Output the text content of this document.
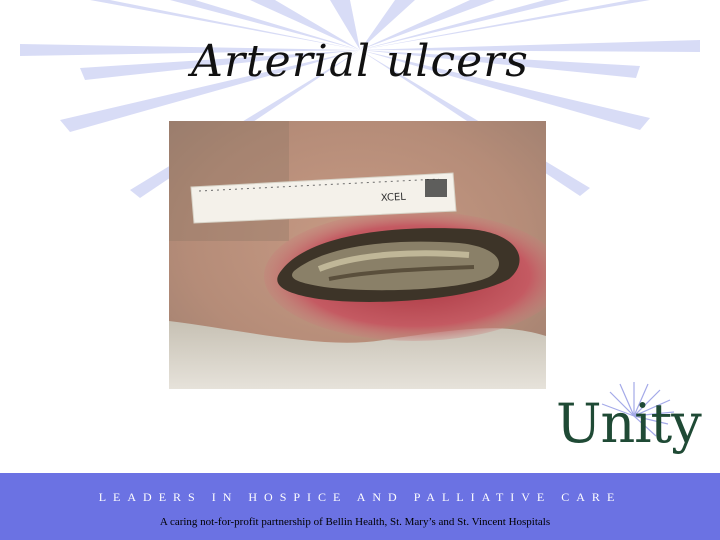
Arterial ulcers
XCEL
Unity
LEADERS IN HOSPICE AND PALLIATIVE CARE
A caring not-for-profit partnership of Bellin Health, St. Mary’s and St. Vincent Hospitals
